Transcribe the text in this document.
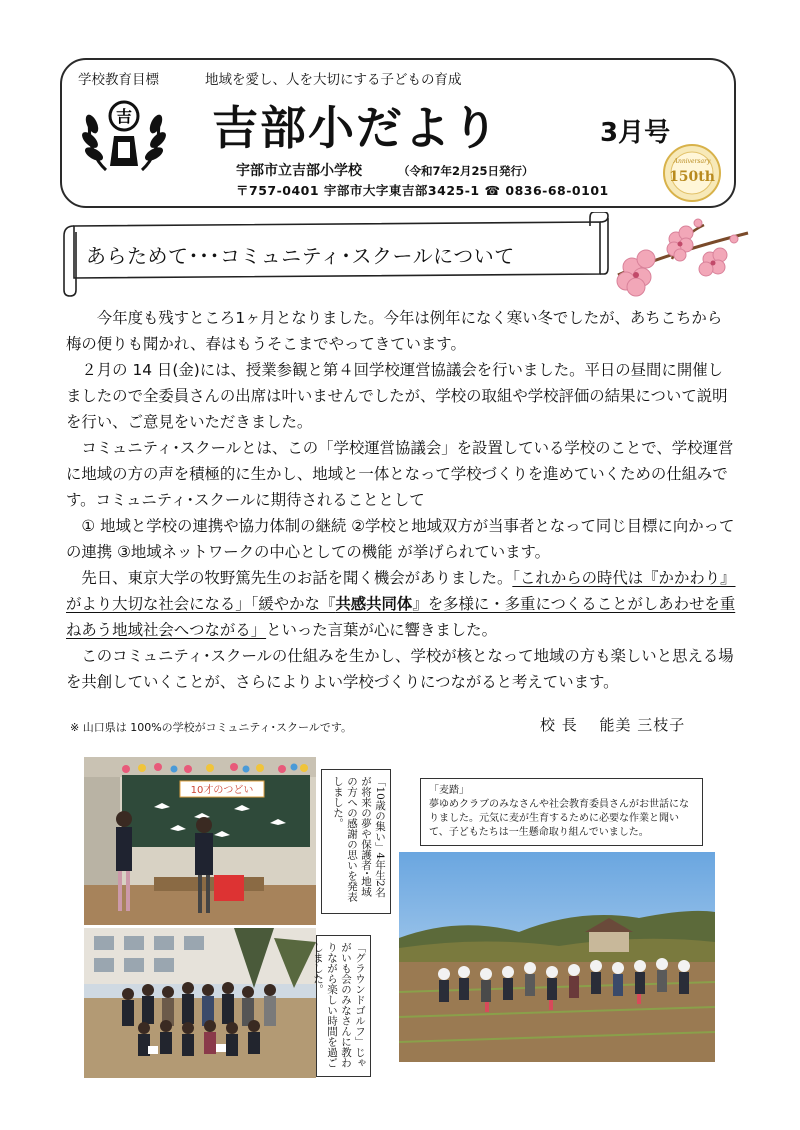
学校教育目標	地域を愛し、人を大切にする子どもの育成
吉 吉部小だより	3月号
宇部市立吉部小学校	（令和7年2月25日発行）
〒757-0401 宇部市大字東吉部3425-1 ☎ 0836-68-0101
Anniversary
150th
あらためて･･･コミュニティ･スクールについて

今年度も残すところ1ヶ月となりました。今年は例年になく寒い冬でしたが、あちこちから梅の便りも聞かれ、春はもうそこまでやってきています。

２月の 14 日(金)には、授業参観と第４回学校運営協議会を行いました。平日の昼間に開催しましたので全委員さんの出席は叶いませんでしたが、学校の取組や学校評価の結果について説明を行い、ご意見をいただきました。

コミュニティ･スクールとは、この「学校運営協議会」を設置している学校のことで、学校運営に地域の方の声を積極的に生かし、地域と一体となって学校づくりを進めていくための仕組みです。コミュニティ･スクールに期待されることとして

① 地域と学校の連携や協力体制の継続 ②学校と地域双方が当事者となって同じ目標に向かっての連携 ③地域ネットワークの中心としての機能 が挙げられています。

先日、東京大学の牧野篤先生のお話を聞く機会がありました。「これからの時代は『かかわり』がより大切な社会になる」「緩やかな『共感共同体』を多様に・多重につくることがしあわせを重ねあう地域社会へつながる」といった言葉が心に響きました。

このコミュニティ･スクールの仕組みを生かし、学校が核となって地域の方も楽しいと思える場を共創していくことが、さらによりよい学校づくりにつながると考えています。

※ 山口県は 100%の学校がコミュニティ･スクールです。	校 長　 能美 三枝子
10才のつどい	「10歳の集い」4年生2名が将来の夢や保護者･地域の方への感謝の思いを発表しました。
「グラウンドゴルフ」じゃがいも会のみなさんに教わりながら楽しい時間を過ごしました。
「麦踏」
夢ゆめクラブのみなさんや社会教育委員さんがお世話になりました。元気に麦が生育するために必要な作業と聞いて、子どもたちは一生懸命取り組んでいました。
